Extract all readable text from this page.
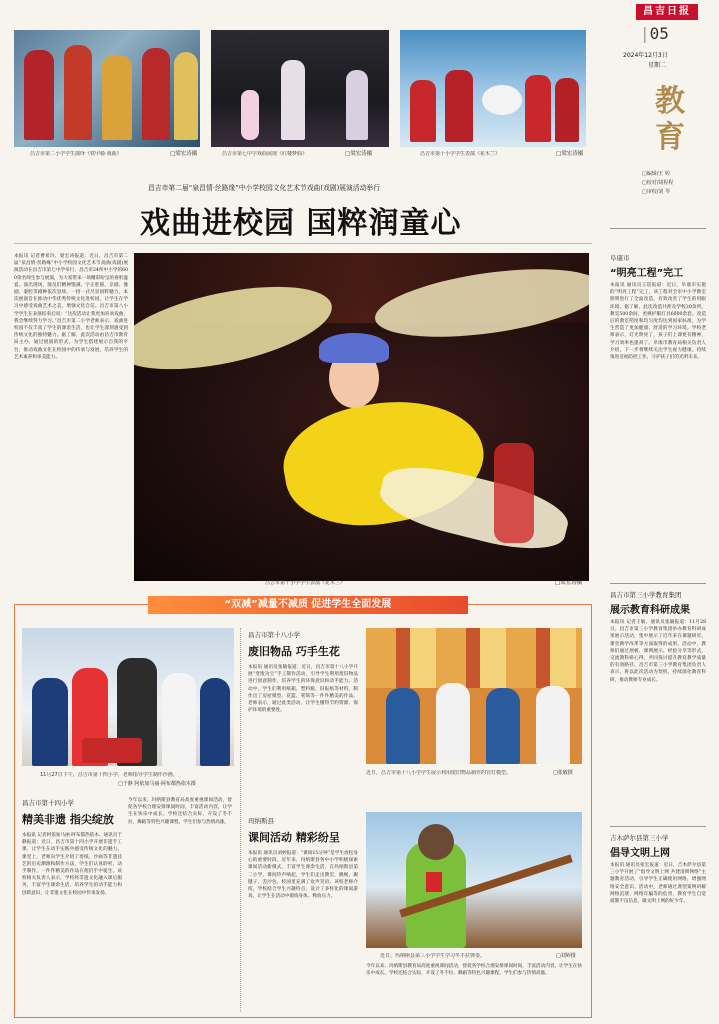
昌吉市第二小学学生演绎《铁甲骑·戏曲》	□梁宏涛摄	昌吉市第十小学学生表演《花木兰》	□梁宏涛摄
□梁宏涛摄	昌吉市第七中学戏曲展现《红楼梦曲》
昌吉日报
|05
2024年12月3日
星期二
教育
□编辑/王 婷
□校对/胡程程
□审校/刘 琴
昌吉市第二届“泉昌情·丝路缘”中小学校园文化艺术节戏曲(戏剧)展演活动举行
戏曲进校园 国粹润童心
本报讯 记者曹希玲、梁宏涛报道：近日，昌吉市第二届“泉昌情·丝路缘”中小学校园文化艺术节戏曲(戏剧)展演活动在昌吉市第七中学举行，昌吉市24所中小学的600余名师生参与展演，为大家带来一场精彩纷呈的视听盛宴。演出现场，演员们精神饱满、字正腔圆，京剧、豫剧、秦腔等剧种依次登场，一招一式尽显国粹魅力。本次展演旨在推动中华优秀传统文化进校园，让学生在学习中感受戏曲艺术之美，增强文化自信。昌吉市第八小学学生在表演结束后说：“这次活动让我更加喜欢戏曲，我会继续努力学习。”昌吉市第二小学老师表示，戏曲进校园不仅丰富了学生的课余生活，也让学生深刻感受到传统文化的独特魅力。据了解，此次活动由昌吉市教育局主办，通过展演的形式，为学生搭建展示自我的平台，推动戏曲文化在校园中的传承与发展，培养学生的艺术素养和审美能力。
昌吉市第十小学学生表演《花木兰》	□梁宏涛摄
阜康市
“明亮工程”完工
本报讯 通讯员王琰报道：近日，阜康市实施的“明亮工程”完工，该工程对全市中小学教室照明进行了全面改造，有效改善了学生的用眼环境。据了解，此次改造共涉及学校20余所、教室500余间，更换护眼灯具6000余套。改造后的教室照度和均匀度均达到国家标准，为学生营造了更加健康、舒适的学习环境。学校老师表示，灯光明亮了，孩子们上课更有精神，学习效率也提高了。阜康市教育局相关负责人介绍，下一步将继续关注学生视力健康，持续推进近视防控工作，守护孩子们的光明未来。
昌吉市第三小学教育集团
展示教育科研成果
本报讯 记者王敏、通讯员张颖报道：11月28日，昌吉市第三小学教育集团举办教育科研成果展示活动，集中展示了近年来在课题研究、课堂教学改革等方面取得的成果。活动中，教师们通过展板、课例展示、经验分享等形式，交流教科研心得，共同探讨提升教育教学质量的有效路径。昌吉市第三小学教育集团负责人表示，将以此次活动为契机，持续深化教育科研，推动教师专业成长。
吉木萨尔县第三小学
倡导文明上网
本报讯 通讯员张宏报道：近日，吉木萨尔县第三小学开展了“倡导文明上网 共建清朗网络”主题教育活动，引导学生正确使用网络，增强网络安全意识。活动中，老师通过典型案例讲解网络沉迷、网络诈骗等的危害，教育学生自觉抵制不良信息，做文明上网的好少年。
“双减”减量不减质 促进学生全面发展
11月27日下午，昌吉市第十四小学，老师指导学生制作沙画。
□于静 阿依加马丽·阿布都热依木摄
昌吉市第十四小学
精美非遗 指尖绽放
本报讯 记者阿依加马丽·阿布都热依木、通讯员于静报道：近日，昌吉市第十四小学开展非遗手工课，让学生在动手实践中感受传统文化的魅力。课堂上，老师向学生介绍了剪纸、沙画等非遗技艺的历史渊源和制作方法，学生们认真聆听、动手制作，一件件精美的作品在他们手中诞生。该校相关负责人表示，学校将非遗文化融入课后服务，丰富学生课余生活，培养学生的动手能力和创新意识，让非遗文化在校园中传承发扬。
今年以来，玛纳斯县教育局高度重视课间活动，督促各学校合理安排课间时间，丰富活动内容，让学生在快乐中成长。学校还结合实际，开设了冬不拉、舞蹈等特色兴趣课程，学生们参与热情高涨。
昌吉市第十八小学
废旧物品 巧手生花
本报讯 通讯员张敏报道：近日，昌吉市第十八小学开展“变废为宝”手工制作活动，引导学生利用废旧物品进行创意制作，培养学生的环保意识和动手能力。活动中，学生们利用纸箱、塑料瓶、旧报纸等材料，制作出了房屋模型、花篮、笔筒等一件件精美的作品。老师表示，通过此类活动，让学生懂得节约资源、保护环境的重要性。
近日，昌吉市第十八小学学生展示利用废旧物品制作的宫灯模型。	□张敏摄
玛纳斯县
课间活动 精彩纷呈
本报讯 通讯员刘婷报道：“课间15分钟”是学生放松身心的重要时段。近年来，玛纳斯县各中小学积极探索课间活动新模式，丰富学生课余生活。在玛纳斯县第二小学，课间铃声响起，学生们走出教室，跳绳、踢毽子、丢沙包，校园里充满了欢声笑语。该校老师介绍，学校结合学生兴趣特点，设计了多样化的课间游戏，让学生在活动中锻炼身体、释放压力。
近日，玛纳斯县第三小学学生学习冬不拉弹奏。	□刘婷摄
今年以来，玛纳斯县教育局高度重视课间活动，督促各学校合理安排课间时间，丰富活动内容，让学生在快乐中成长。学校还结合实际，开设了冬不拉、舞蹈等特色兴趣课程，学生们参与热情高涨。
